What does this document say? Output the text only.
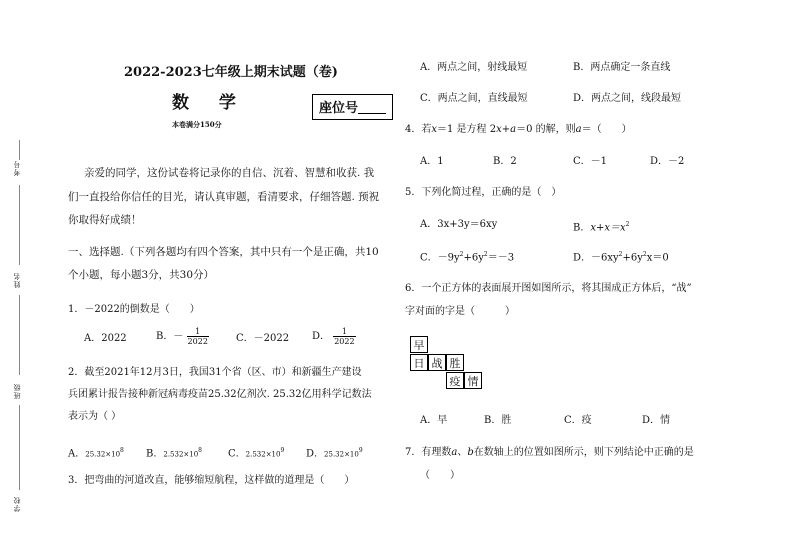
考号
姓名
班级
学校
2022-2023七年级上期末试题（卷)
数 学
本卷满分150分
座位号
亲爱的同学，这份试卷将记录你的自信、沉着、智慧和收获. 我
们一直投给你信任的目光，请认真审题，看清要求，仔细答题. 预祝
你取得好成绩！
一、选择题.（下列各题均有四个答案，其中只有一个是正确，共10
个小题，每小题3分，共30分）
1．－2022的倒数是（　　）
A．2022	B．－ $\frac{1}{2022}$	C．－2022 D． $\frac{1}{2022}$
2．截至2021年12月3日，我国31个省（区、市）和新疆生产建设
兵团累计报告接种新冠病毒疫苗25.32亿剂次. 25.32亿用科学记数法
表示为（ ）
A．$25.32\times 10^8$ B．$2.532\times 10^8$	C．$2.532\times 10^9$ D．$25.32\times 10^9$
3．把弯曲的河道改直，能够缩短航程，这样做的道理是（　　）
A．两点之间，射线最短	B．两点确定一条直线
C．两点之间，直线最短	D．两点之间，线段最短
4．若x＝1 是方程 2x+a＝0 的解，则a＝（　　）
A．1	B．2	C．－1	D．－2
5．下列化简过程，正确的是（　）
A．3x+3y＝6xy	B．$x+x=x^2$
C．$-9y^2+6y^2=-3$	D．$-6xy^2+6y^2x=0$
6．一个正方体的表面展开图如图所示，将其围成正方体后，“战”
字对面的字是（　　　）
早
日 战 胜
疫 情
A．早	B．胜	C．疫	D．情
7．有理数a、b在数轴上的位置如图所示，则下列结论中正确的是
（　　）
